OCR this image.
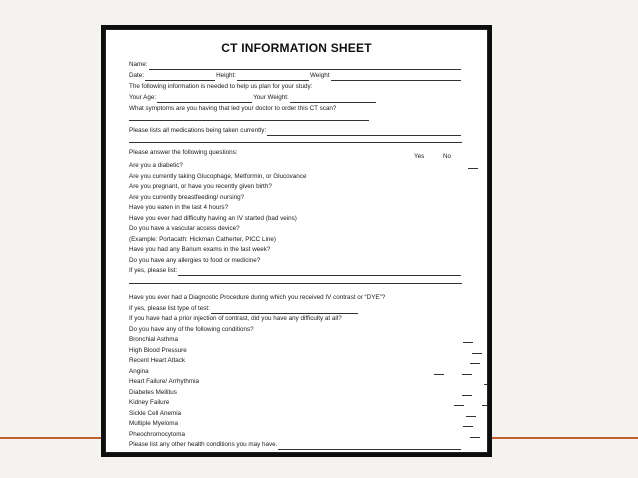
CT INFORMATION SHEET
Name:
Date:	Height:	Weight
The following information is needed to help us plan for your study:
Your Age:	Your Weight:
What symptoms are you having that led your doctor to order this CT scan?
Please lists all medications being taken currently:
Please answer the following questions:
Yes	No
Are you a diabetic?
Are you currently taking Glucophage, Metformin, or Glucovance
Are you pregnant, or have you recently given birth?
Are you currently breastfeeding/ nursing?
Have you eaten in the last 4 hours?
Have you ever had difficulty having an IV started (bad veins)
Do you have a vascular access device?
(Example: Portacath: Hickman Catherter, PICC Line)
Have you had any Barium exams in the last week?
Do you have any allergies to food or medicine?
If yes, please list:
Have you ever had a Diagnostic Procedure during which you received IV contrast or “DYE”?
If yes, please list type of test:
If you have had a prior injection of contrast, did you have any difficulty at all?
Do you have any of the following conditions?
Bronchial Asthma
High Blood Pressure
Recent Heart Attack
Angina
Heart Failure/ Arrhythmia
Diabetes Mellitus
Kidney Failure
Sickle Cell Anemia
Multiple Myeloma
Pheochromocytoma
Please list any other health conditions you may have.
